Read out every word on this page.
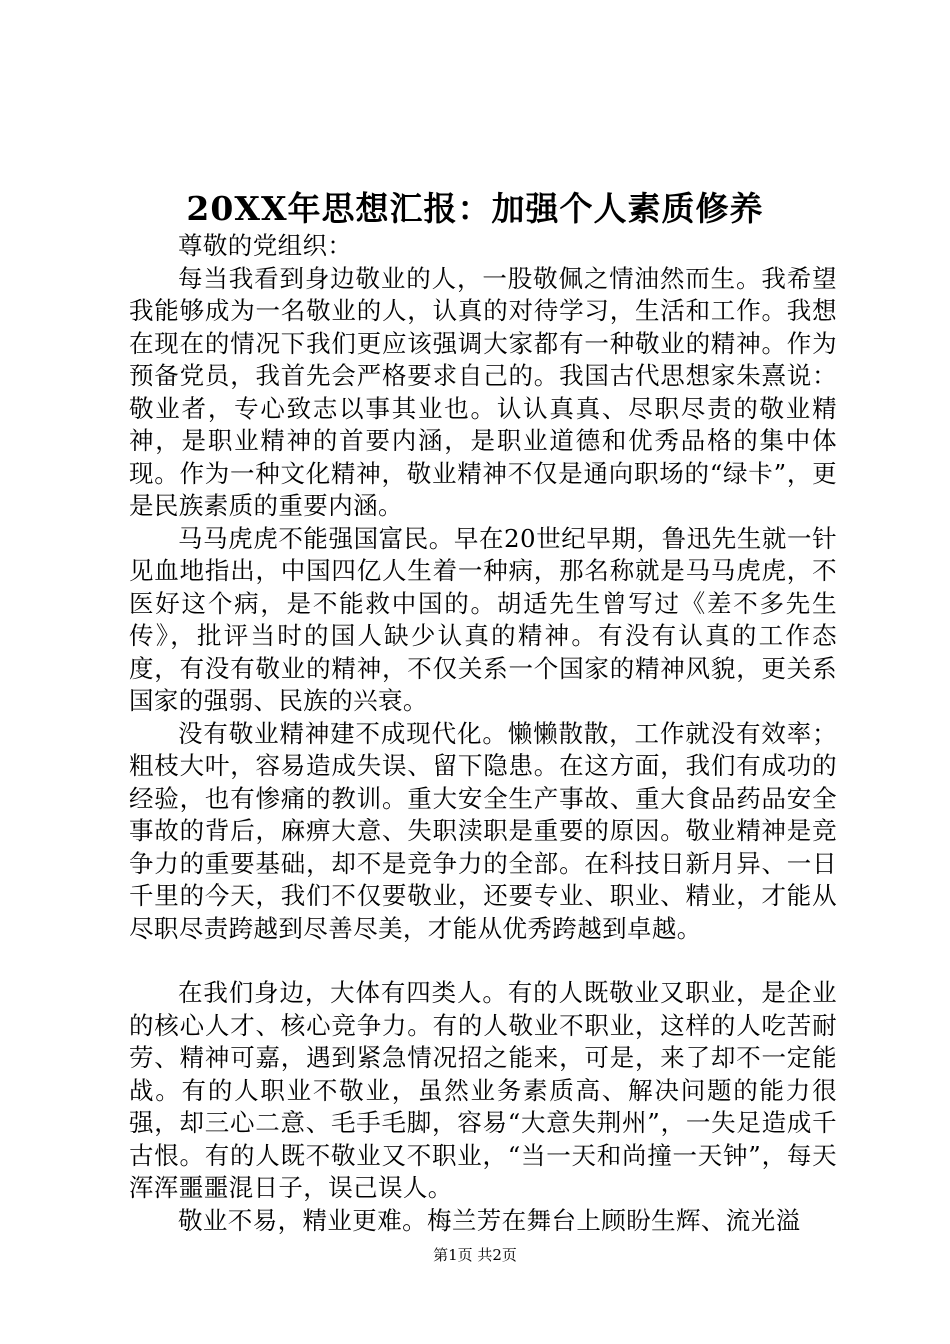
20XX年思想汇报：加强个人素质修养

尊敬的党组织：

每当我看到身边敬业的人，一股敬佩之情油然而生。我希望我能够成为一名敬业的人，认真的对待学习，生活和工作。我想在现在的情况下我们更应该强调大家都有一种敬业的精神。作为预备党员，我首先会严格要求自己的。我国古代思想家朱熹说：敬业者，专心致志以事其业也。认认真真、尽职尽责的敬业精神，是职业精神的首要内涵，是职业道德和优秀品格的集中体现。作为一种文化精神，敬业精神不仅是通向职场的“绿卡”，更是民族素质的重要内涵。

马马虎虎不能强国富民。早在20世纪早期，鲁迅先生就一针见血地指出，中国四亿人生着一种病，那名称就是马马虎虎，不医好这个病，是不能救中国的。胡适先生曾写过《差不多先生传》，批评当时的国人缺少认真的精神。有没有认真的工作态度，有没有敬业的精神，不仅关系一个国家的精神风貌，更关系国家的强弱、民族的兴衰。

没有敬业精神建不成现代化。懒懒散散，工作就没有效率；粗枝大叶，容易造成失误、留下隐患。在这方面，我们有成功的经验，也有惨痛的教训。重大安全生产事故、重大食品药品安全事故的背后，麻痹大意、失职渎职是重要的原因。敬业精神是竞争力的重要基础，却不是竞争力的全部。在科技日新月异、一日千里的今天，我们不仅要敬业，还要专业、职业、精业，才能从尽职尽责跨越到尽善尽美，才能从优秀跨越到卓越。

在我们身边，大体有四类人。有的人既敬业又职业，是企业的核心人才、核心竞争力。有的人敬业不职业，这样的人吃苦耐劳、精神可嘉，遇到紧急情况招之能来，可是，来了却不一定能战。有的人职业不敬业，虽然业务素质高、解决问题的能力很强，却三心二意、毛手毛脚，容易“大意失荆州”，一失足造成千古恨。有的人既不敬业又不职业，“当一天和尚撞一天钟”，每天浑浑噩噩混日子，误己误人。

敬业不易，精业更难。梅兰芳在舞台上顾盼生辉、流光溢

第1页 共2页
